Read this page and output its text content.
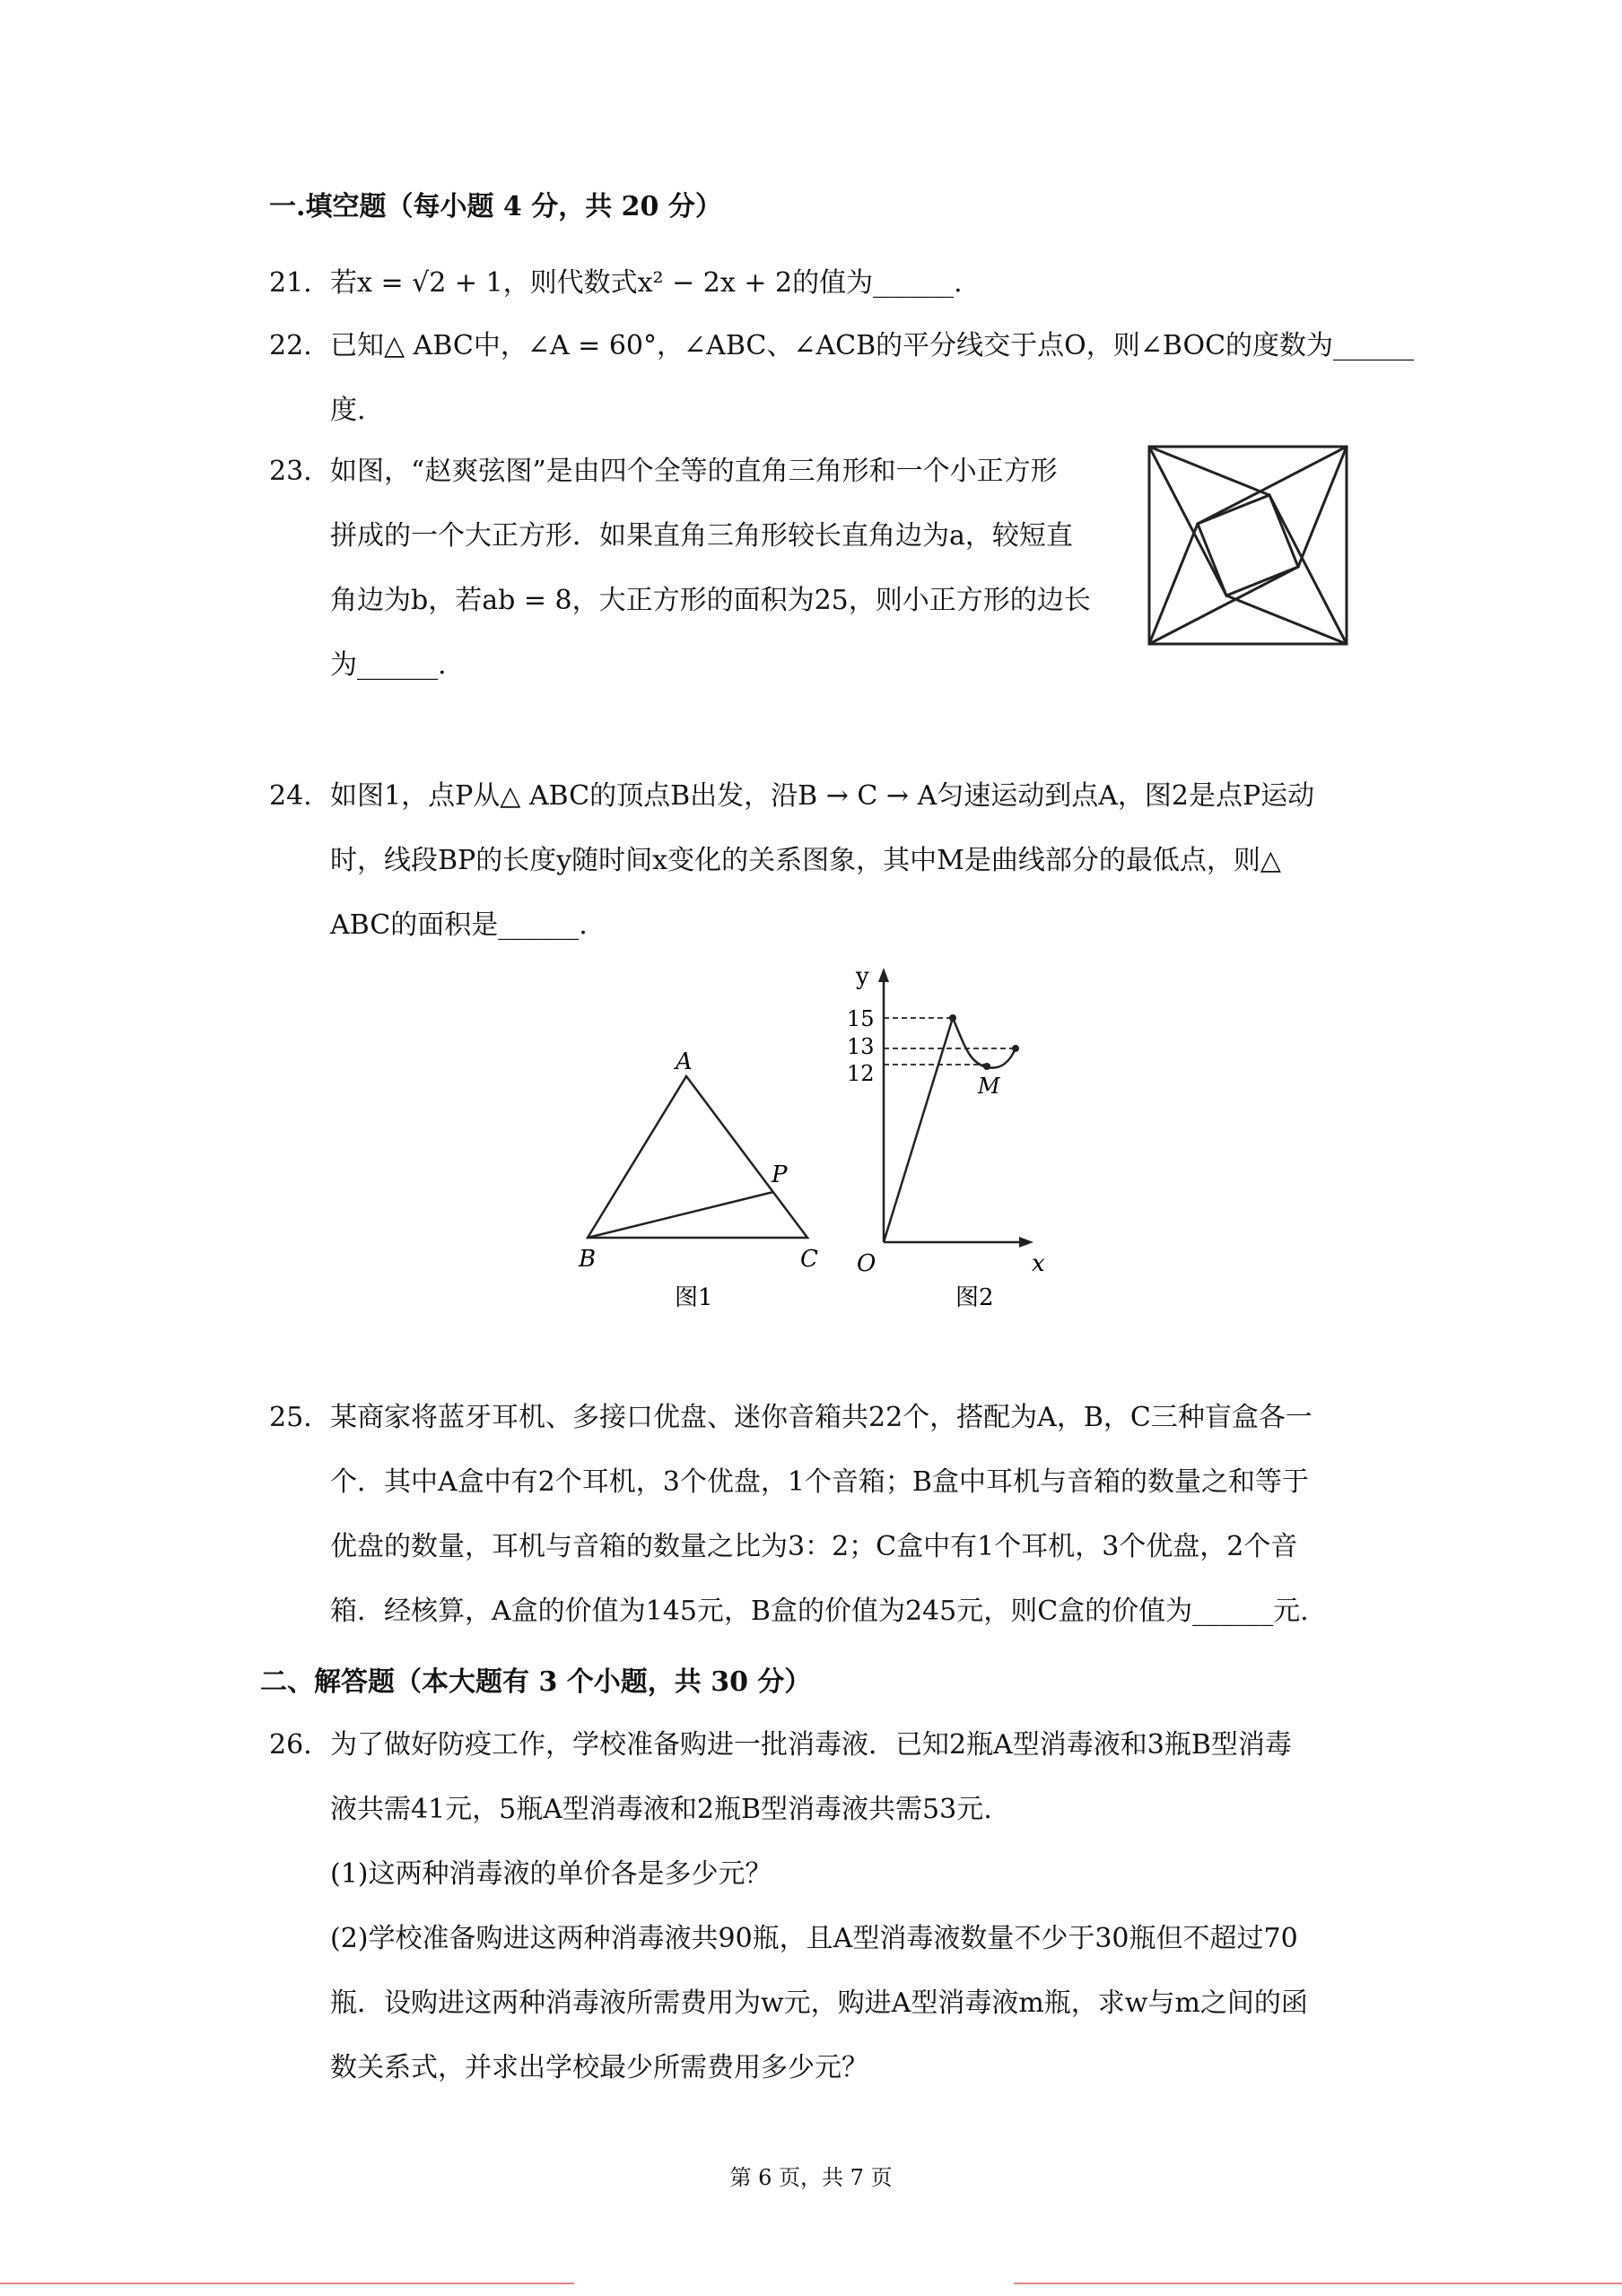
一.填空题（每小题 4 分，共 20 分）
21. 若x = √2 + 1，则代数式x² − 2x + 2的值为______.
22. 已知△ ABC中，∠A = 60°，∠ABC、∠ACB的平分线交于点O，则∠BOC的度数为______
度.
23. 如图，“赵爽弦图”是由四个全等的直角三角形和一个小正方形
拼成的一个大正方形．如果直角三角形较长直角边为a，较短直
角边为b，若ab = 8，大正方形的面积为25，则小正方形的边长
为______.
24. 如图1，点P从△ ABC的顶点B出发，沿B → C → A匀速运动到点A，图2是点P运动
时，线段BP的长度y随时间x变化的关系图象，其中M是曲线部分的最低点，则△
ABC的面积是______.
A
B	C
P
图1
y
15
13
12	M
O	x
图2
25. 某商家将蓝牙耳机、多接口优盘、迷你音箱共22个，搭配为A，B，C三种盲盒各一
个．其中A盒中有2个耳机，3个优盘，1个音箱；B盒中耳机与音箱的数量之和等于
优盘的数量，耳机与音箱的数量之比为3：2；C盒中有1个耳机，3个优盘，2个音
箱．经核算，A盒的价值为145元，B盒的价值为245元，则C盒的价值为______元.
二、解答题（本大题有 3 个小题，共 30 分）
26. 为了做好防疫工作，学校准备购进一批消毒液．已知2瓶A型消毒液和3瓶B型消毒
液共需41元，5瓶A型消毒液和2瓶B型消毒液共需53元.
(1)这两种消毒液的单价各是多少元？
(2)学校准备购进这两种消毒液共90瓶，且A型消毒液数量不少于30瓶但不超过70
瓶．设购进这两种消毒液所需费用为w元，购进A型消毒液m瓶，求w与m之间的函
数关系式，并求出学校最少所需费用多少元？
第 6 页，共 7 页
